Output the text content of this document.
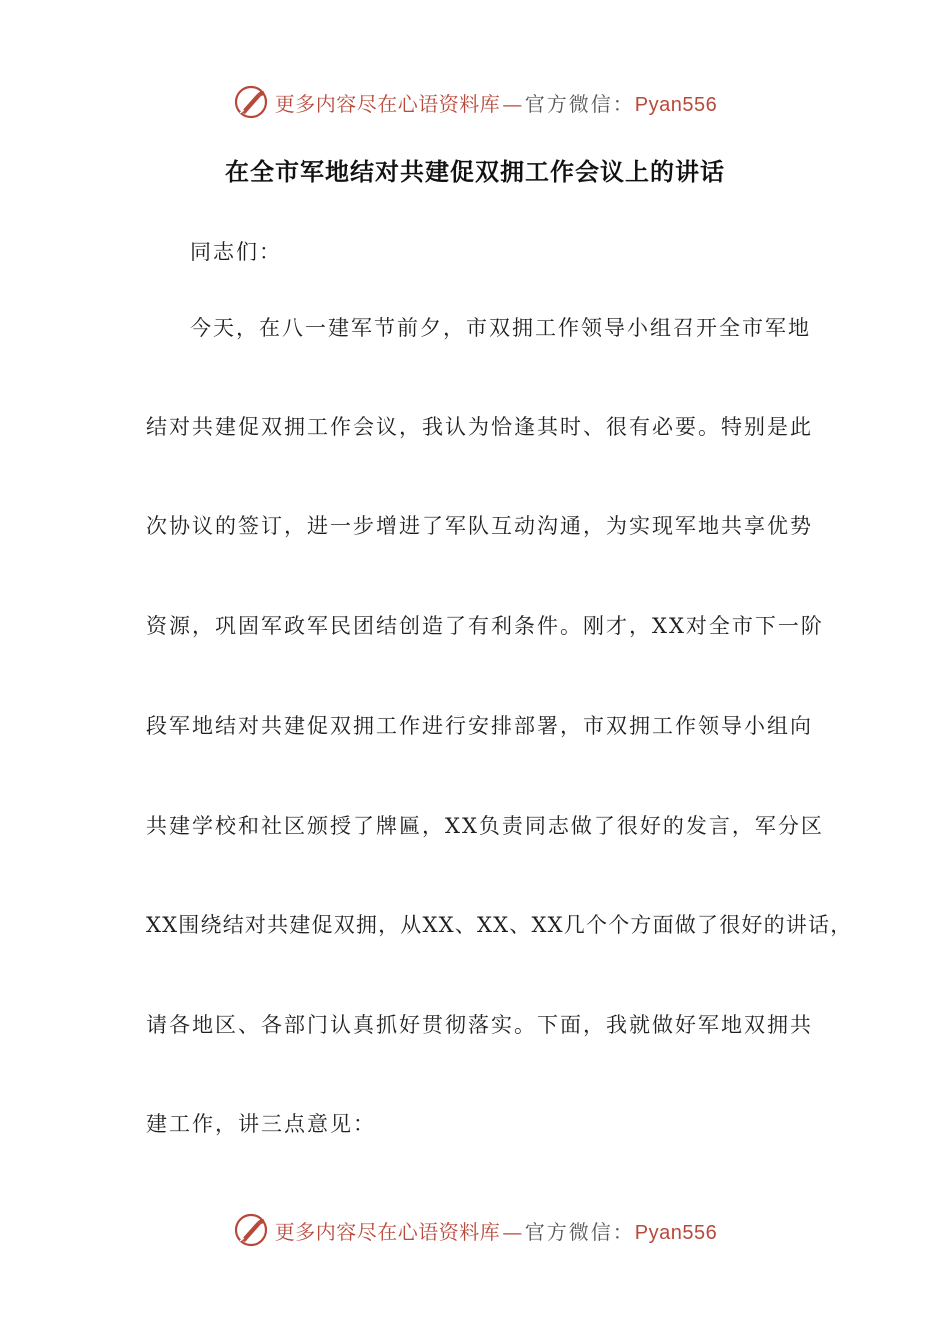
更多内容尽在心语资料库 — 官方微信：Pyan556
在全市军地结对共建促双拥工作会议上的讲话
同志们：
今天，在八一建军节前夕，市双拥工作领导小组召开全市军地
结对共建促双拥工作会议，我认为恰逢其时、很有必要。特别是此
次协议的签订，进一步增进了军队互动沟通，为实现军地共享优势
资源，巩固军政军民团结创造了有利条件。刚才，XX对全市下一阶
段军地结对共建促双拥工作进行安排部署，市双拥工作领导小组向
共建学校和社区颁授了牌匾，XX负责同志做了很好的发言，军分区
XX围绕结对共建促双拥，从XX、XX、XX几个个方面做了很好的讲话，
请各地区、各部门认真抓好贯彻落实。下面，我就做好军地双拥共
建工作，讲三点意见：
更多内容尽在心语资料库 — 官方微信：Pyan556
